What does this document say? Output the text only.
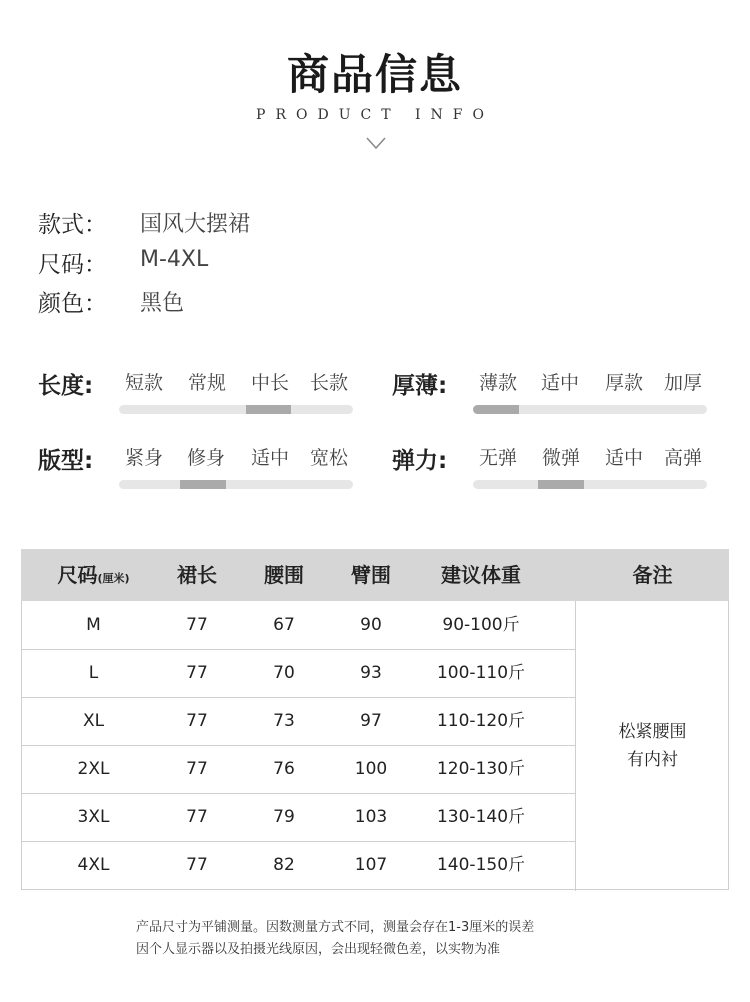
商品信息
PRODUCT INFO
款式： 国风大摆裙
尺码： M-4XL
颜色： 黑色
长度:	短款	常规	中长	长款	厚薄:	薄款	适中	厚款	加厚
版型:	紧身	修身	适中	宽松	弹力:	无弹	微弹	适中	高弹
尺码(厘米)	裙长	腰围	臂围	建议体重	备注
M	77	67	90	90-100斤
L	77	70	93	100-110斤
XL	77	73	97	110-120斤
2XL	77	76	100	120-130斤
3XL	77	79	103	130-140斤
4XL	77	82	107	140-150斤
松紧腰围
有内衬
产品尺寸为平铺测量。因数测量方式不同，测量会存在1-3厘米的误差
因个人显示器以及拍摄光线原因，会出现轻微色差，以实物为准
